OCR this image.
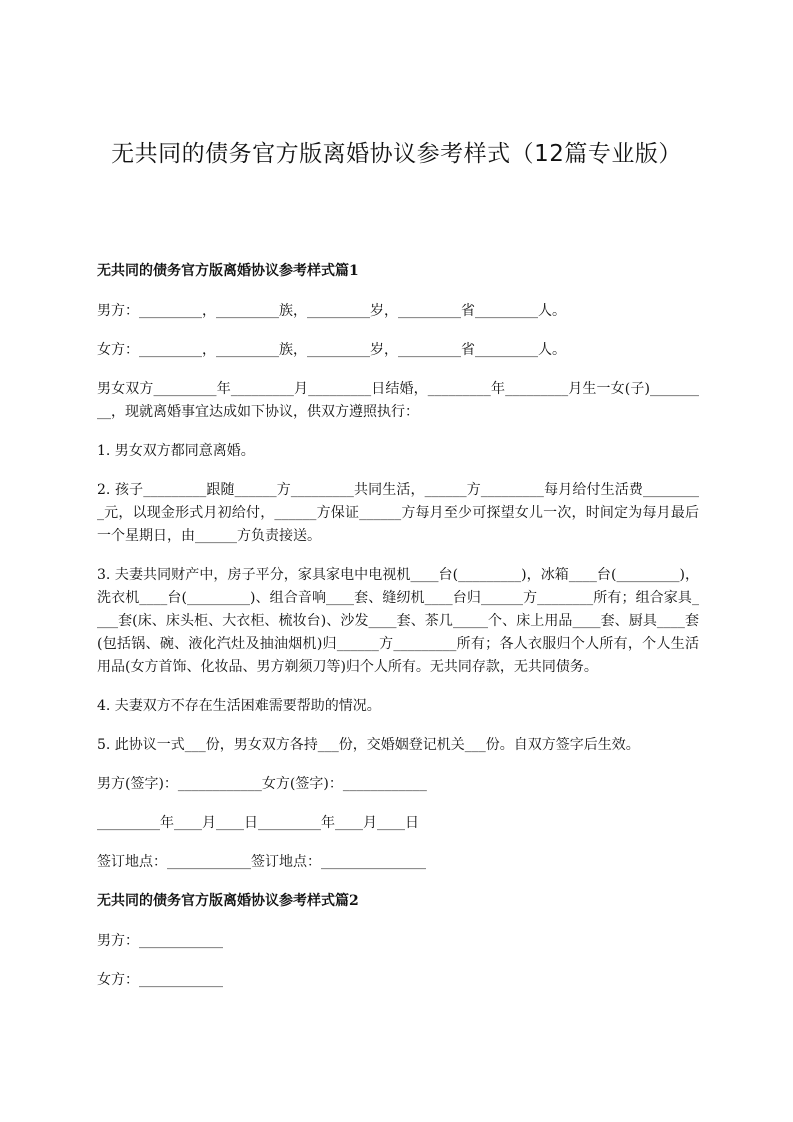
无共同的债务官方版离婚协议参考样式（12篇专业版）
无共同的债务官方版离婚协议参考样式篇1

男方：_________，_________族，_________岁，_________省_________人。

女方：_________，_________族，_________岁，_________省_________人。

男女双方_________年_________月_________日结婚，_________年_________月生一女(子)_________，现就离婚事宜达成如下协议，供双方遵照执行：

1. 男女双方都同意离婚。

2. 孩子_________跟随______方_________共同生活，______方_________每月给付生活费_________元，以现金形式月初给付，______方保证______方每月至少可探望女儿一次，时间定为每月最后一个星期日，由______方负责接送。

3. 夫妻共同财产中，房子平分，家具家电中电视机____台(_________)，冰箱____台(_________)，洗衣机____台(_________)、组合音响____套、缝纫机____台归______方________所有；组合家具____套(床、床头柜、大衣柜、梳妆台)、沙发____套、茶几_____个、床上用品____套、厨具____套(包括锅、碗、液化汽灶及抽油烟机)归______方_________所有；各人衣服归个人所有，个人生活用品(女方首饰、化妆品、男方剃须刀等)归个人所有。无共同存款，无共同债务。

4. 夫妻双方不存在生活困难需要帮助的情况。

5. 此协议一式___份，男女双方各持___份，交婚姻登记机关___份。自双方签字后生效。

男方(签字)：____________女方(签字)：____________

_________年____月____日_________年____月____日

签订地点：____________签订地点：_______________

无共同的债务官方版离婚协议参考样式篇2

男方：____________

女方：____________
